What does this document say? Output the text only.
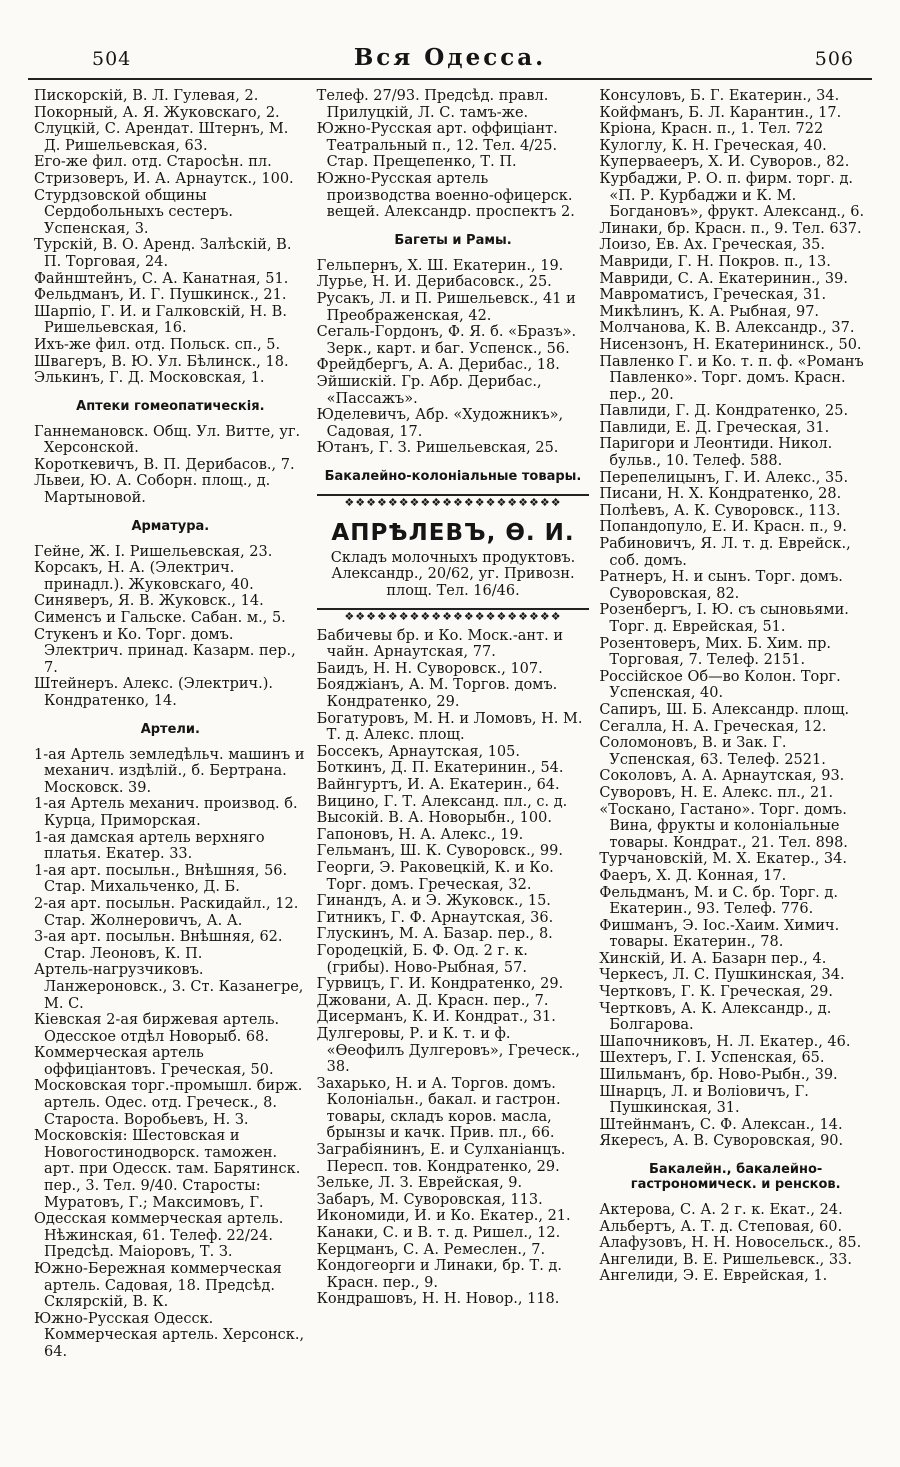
504	Вся Одесса.	506

Пискорскій, В. Л. Гулевая, 2.

Покорный, А. Я. Жуковскаго, 2.

Слуцкій, С. Арендат. Штернъ, М. Д. Ришельевская, 63.

Его-же фил. отд. Старосѣн. пл.

Стризоверъ, И. А. Арнаутск., 100.

Стурдзовской общины Сердобольныхъ сестеръ. Успенская, 3.

Турскій, В. О. Аренд. Залѣскій, В. П. Торговая, 24.

Файнштейнъ, С. А. Канатная, 51.

Фельдманъ, И. Г. Пушкинск., 21.

Шарпіо, Г. И. и Галковскій, Н. В. Ришельевская, 16.

Ихъ-же фил. отд. Польск. сп., 5.

Швагеръ, В. Ю. Ул. Бѣлинск., 18.

Элькинъ, Г. Д. Московская, 1.

Аптеки гомеопатическія.

Ганнемановск. Общ. Ул. Витте, уг. Херсонской.

Короткевичъ, В. П. Дерибасов., 7.

Львеи, Ю. А. Соборн. площ., д. Мартыновой.

Арматура.

Гейне, Ж. І. Ришельевская, 23.

Корсакъ, Н. А. (Электрич. принадл.). Жуковскаго, 40.

Синяверъ, Я. В. Жуковск., 14.

Сименсъ и Гальске. Сабан. м., 5.

Стукенъ и Ко. Торг. домъ. Электрич. принад. Казарм. пер., 7.

Штейнеръ. Алекс. (Электрич.). Кондратенко, 14.

Артели.

1-ая Артель земледѣльч. машинъ и механич. издѣлій., б. Бертрана. Московск. 39.

1-ая Артель механич. производ. б. Курца, Приморская.

1-ая дамская артель верхняго платья. Екатер. 33.

1-ая арт. посыльн., Внѣшняя, 56. Стар. Михальченко, Д. Б.

2-ая арт. посыльн. Раскидайл., 12. Стар. Жолнеровичъ, А. А.

3-ая арт. посыльн. Внѣшняя, 62. Стар. Леоновъ, К. П.

Артель-нагрузчиковъ. Ланжероновск., 3. Ст. Казанегре, М. С.

Кіевская 2-ая биржевая артель. Одесское отдѣл Новорыб. 68.

Коммерческая артель оффиціантовъ. Греческая, 50.

Московская торг.-промышл. бирж. артель. Одес. отд. Греческ., 8. Староста. Воробьевъ, Н. З.

Московскія: Шестовская и Новогостинодворск. таможен. арт. при Одесск. там. Барятинск. пер., 3. Тел. 9/40. Старосты: Муратовъ, Г.; Максимовъ, Г.

Одесская коммерческая артель. Нѣжинская, 61. Телеф. 22/24. Предсѣд. Маіоровъ, Т. З.

Южно-Бережная коммерческая артель. Садовая, 18. Предсѣд. Склярскій, В. К.

Южно-Русская Одесск. Коммерческая артель. Херсонск., 64.

Телеф. 27/93. Предсѣд. правл. Прилуцкій, Л. С. тамъ-же.

Южно-Русская арт. оффиціант. Театральный п., 12. Тел. 4/25. Стар. Прещепенко, Т. П.

Южно-Русская артель производства военно-офицерск. вещей. Александр. проспектъ 2.

Багеты и Рамы.

Гельпернъ, Х. Ш. Екатерин., 19.

Лурье, Н. И. Дерибасовск., 25.

Русакъ, Л. и П. Ришельевск., 41 и Преображенская, 42.

Сегаль-Гордонъ, Ф. Я. б. «Бразъ». Зерк., карт. и баг. Успенск., 56.

Фрейдбергъ, А. А. Дерибас., 18.

Эйшискій. Гр. Абр. Дерибас., «Пассажъ».

Юделевичъ, Абр. «Художникъ», Садовая, 17.

Ютанъ, Г. З. Ришельевская, 25.

Бакалейно-колоніальные товары.
❖❖❖❖❖❖❖❖❖❖❖❖❖❖❖❖❖❖❖❖
АПРѢЛЕВЪ, Ѳ. И.
Складъ молочныхъ продуктовъ. Александр., 20/62, уг. Привозн. площ. Тел. 16/46.
❖❖❖❖❖❖❖❖❖❖❖❖❖❖❖❖❖❖❖❖

Бабичевы бр. и Ко. Моск.-ант. и чайн. Арнаутская, 77.

Баидъ, Н. Н. Суворовск., 107.

Бояджіанъ, А. М. Торгов. домъ. Кондратенко, 29.

Богатуровъ, М. Н. и Ломовъ, Н. М. Т. д. Алекс. площ.

Боссекъ, Арнаутская, 105.

Боткинъ, Д. П. Екатеринин., 54.

Вайнгуртъ, И. А. Екатерин., 64.

Вицино, Г. Т. Александ. пл., с. д.

Высокій. В. А. Новорыбн., 100.

Гапоновъ, Н. А. Алекс., 19.

Гельманъ, Ш. К. Суворовск., 99.

Георги, Э. Раковецкій, К. и Ко. Торг. домъ. Греческая, 32.

Гинандъ, А. и Э. Жуковск., 15.

Гитникъ, Г. Ф. Арнаутская, 36.

Глускинъ, М. А. Базар. пер., 8.

Городецкій, Б. Ф. Од. 2 г. к. (грибы). Ново-Рыбная, 57.

Гурвицъ, Г. И. Кондратенко, 29.

Джовани, А. Д. Красн. пер., 7.

Дисерманъ, К. И. Кондрат., 31.

Дулгеровы, Р. и К. т. и ф. «Ѳеофилъ Дулгеровъ», Греческ., 38.

Захарько, Н. и А. Торгов. домъ. Колоніальн., бакал. и гастрон. товары, складъ коров. масла, брынзы и качк. Прив. пл., 66.

Заграбіянинъ, Е. и Сулханіанцъ. Пересп. тов. Кондратенко, 29.

Зельке, Л. З. Еврейская, 9.

Забаръ, М. Суворовская, 113.

Икономиди, И. и Ко. Екатер., 21.

Канаки, С. и В. т. д. Ришел., 12.

Керцманъ, С. А. Ремеслен., 7.

Кондогеорги и Линаки, бр. Т. д. Красн. пер., 9.

Кондрашовъ, Н. Н. Новор., 118.

Консуловъ, Б. Г. Екатерин., 34.

Койфманъ, Б. Л. Карантин., 17.

Кріона, Красн. п., 1. Тел. 722

Кулоглу, К. Н. Греческая, 40.

Куперваееръ, Х. И. Суворов., 82.

Курбаджи, Р. О. п. фирм. торг. д. «П. Р. Курбаджи и К. М. Богдановъ», фрукт. Александ., 6.

Линаки, бр. Красн. п., 9. Тел. 637.

Лоизо, Ев. Ах. Греческая, 35.

Мавриди, Г. Н. Покров. п., 13.

Мавриди, С. А. Екатеринин., 39.

Мавроматисъ, Греческая, 31.

Микѣлинъ, К. А. Рыбная, 97.

Молчанова, К. В. Александр., 37.

Нисензонъ, Н. Екатерининск., 50.

Павленко Г. и Ко. т. п. ф. «Романъ Павленко». Торг. домъ. Красн. пер., 20.

Павлиди, Г. Д. Кондратенко, 25.

Павлиди, Е. Д. Греческая, 31.

Паригори и Леонтиди. Никол. бульв., 10. Телеф. 588.

Перепелицынъ, Г. И. Алекс., 35.

Писани, Н. Х. Кондратенко, 28.

Полѣевъ, А. К. Суворовск., 113.

Попандопуло, Е. И. Красн. п., 9.

Рабиновичъ, Я. Л. т. д. Еврейск., соб. домъ.

Ратнеръ, Н. и сынъ. Торг. домъ. Суворовская, 82.

Розенбергъ, І. Ю. съ сыновьями. Торг. д. Еврейская, 51.

Розентоверъ, Мих. Б. Хим. пр. Торговая, 7. Телеф. 2151.

Россійское Об—во Колон. Торг. Успенская, 40.

Сапиръ, Ш. Б. Александр. площ.

Сегалла, Н. А. Греческая, 12.

Соломоновъ, В. и Зак. Г. Успенская, 63. Телеф. 2521.

Соколовъ, А. А. Арнаутская, 93.

Суворовъ, Н. Е. Алекс. пл., 21.

«Тоскано, Гастано». Торг. домъ. Вина, фрукты и колоніальные товары. Кондрат., 21. Тел. 898.

Турчановскій, М. Х. Екатер., 34.

Фаеръ, Х. Д. Конная, 17.

Фельдманъ, М. и С. бр. Торг. д. Екатерин., 93. Телеф. 776.

Фишманъ, Э. Іос.-Хаим. Химич. товары. Екатерин., 78.

Хинскій, И. А. Базарн пер., 4.

Черкесъ, Л. С. Пушкинская, 34.

Чертковъ, Г. К. Греческая, 29.

Чертковъ, А. К. Александр., д. Болгарова.

Шапочниковъ, Н. Л. Екатер., 46.

Шехтеръ, Г. І. Успенская, 65.

Шильманъ, бр. Ново-Рыбн., 39.

Шнарцъ, Л. и Воліовичъ, Г. Пушкинская, 31.

Штейнманъ, С. Ф. Алексан., 14.

Якересъ, А. В. Суворовская, 90.

Бакалейн., бакалейно-гастрономическ. и ренсков.

Актерова, С. А. 2 г. к. Екат., 24.

Альбертъ, А. Т. д. Степовая, 60.

Алафузовъ, Н. Н. Новосельск., 85.

Ангелиди, В. Е. Ришельевск., 33.

Ангелиди, Э. Е. Еврейская, 1.
